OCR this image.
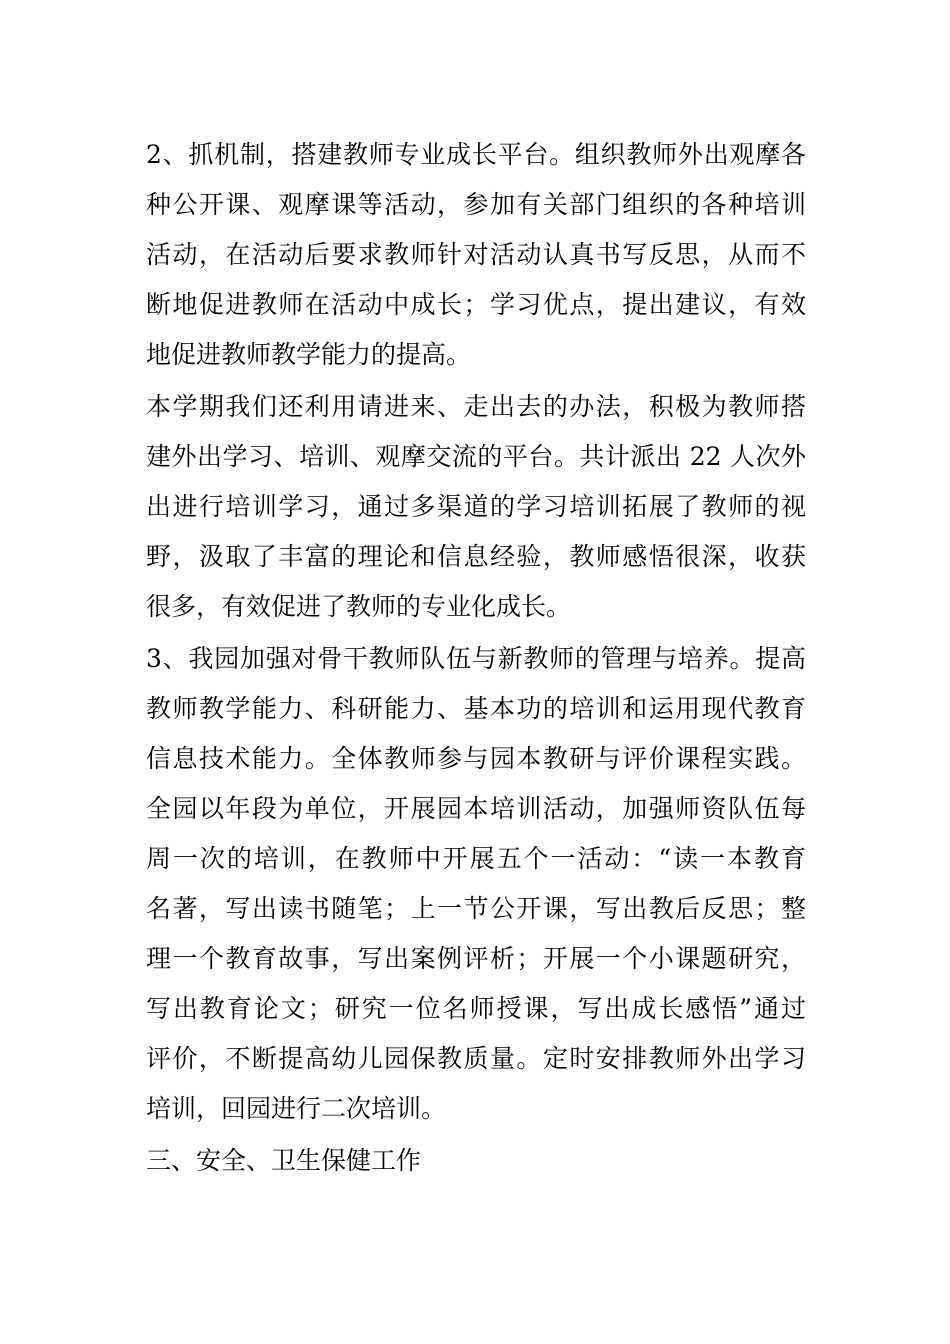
2、抓机制，搭建教师专业成长平台。组织教师外出观摩各
种公开课、观摩课等活动，参加有关部门组织的各种培训
活动，在活动后要求教师针对活动认真书写反思，从而不
断地促进教师在活动中成长；学习优点，提出建议，有效
地促进教师教学能力的提高。
本学期我们还利用请进来、走出去的办法，积极为教师搭
建外出学习、培训、观摩交流的平台。共计派出 22 人次外
出进行培训学习，通过多渠道的学习培训拓展了教师的视
野，汲取了丰富的理论和信息经验，教师感悟很深，收获
很多，有效促进了教师的专业化成长。
3、我园加强对骨干教师队伍与新教师的管理与培养。提高
教师教学能力、科研能力、基本功的培训和运用现代教育
信息技术能力。全体教师参与园本教研与评价课程实践。
全园以年段为单位，开展园本培训活动，加强师资队伍每
周一次的培训，在教师中开展五个一活动：“读一本教育
名著，写出读书随笔；上一节公开课，写出教后反思；整
理一个教育故事，写出案例评析；开展一个小课题研究，
写出教育论文；研究一位名师授课，写出成长感悟”通过
评价，不断提高幼儿园保教质量。定时安排教师外出学习
培训，回园进行二次培训。
三、安全、卫生保健工作
